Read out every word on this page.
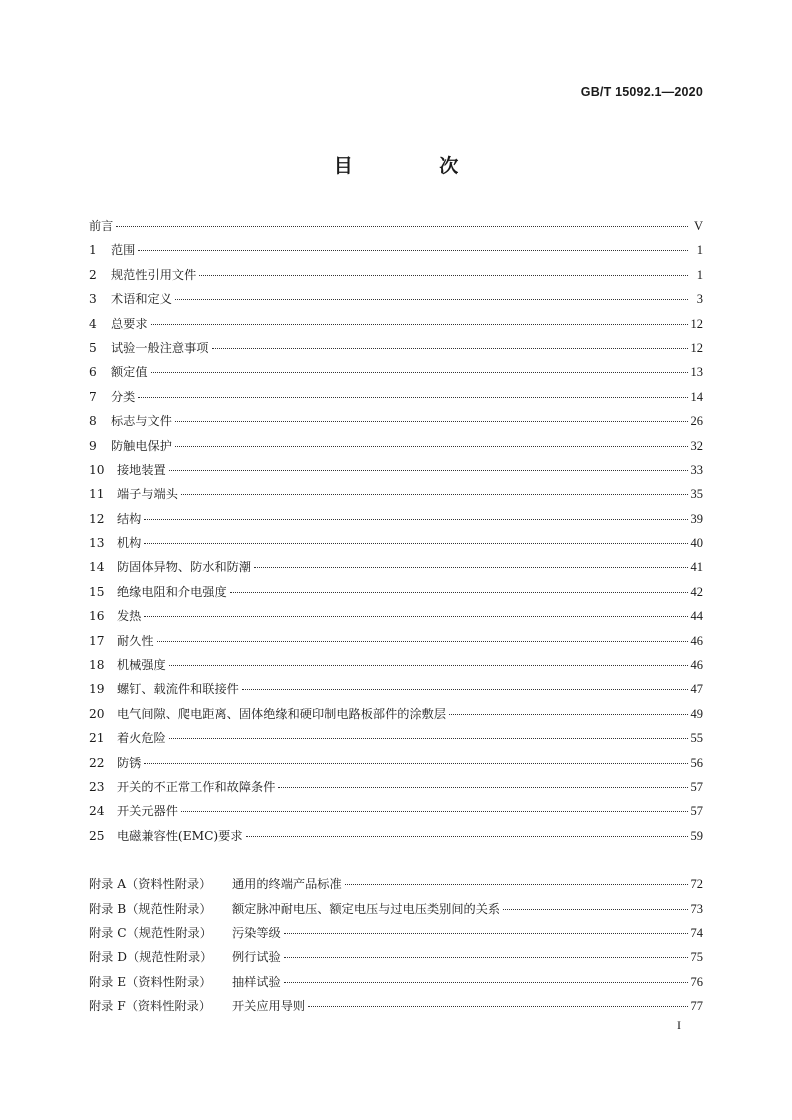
GB/T 15092.1—2020
目 次
前言	V
1	范围	1
2	规范性引用文件	1
3	术语和定义	3
4	总要求	12
5	试验一般注意事项	12
6	额定值	13
7	分类	14
8	标志与文件	26
9	防触电保护	32
10	接地装置	33
11	端子与端头	35
12	结构	39
13	机构	40
14	防固体异物、防水和防潮	41
15	绝缘电阻和介电强度	42
16	发热	44
17	耐久性	46
18	机械强度	46
19	螺钉、载流件和联接件	47
20	电气间隙、爬电距离、固体绝缘和硬印制电路板部件的涂敷层	49
21	着火危险	55
22	防锈	56
23	开关的不正常工作和故障条件	57
24	开关元器件	57
25	电磁兼容性(EMC)要求	59
附录 A（资料性附录）	通用的终端产品标准	72
附录 B（规范性附录）	额定脉冲耐电压、额定电压与过电压类别间的关系	73
附录 C（规范性附录）	污染等级	74
附录 D（规范性附录）	例行试验	75
附录 E（资料性附录）	抽样试验	76
附录 F（资料性附录）	开关应用导则	77
I
